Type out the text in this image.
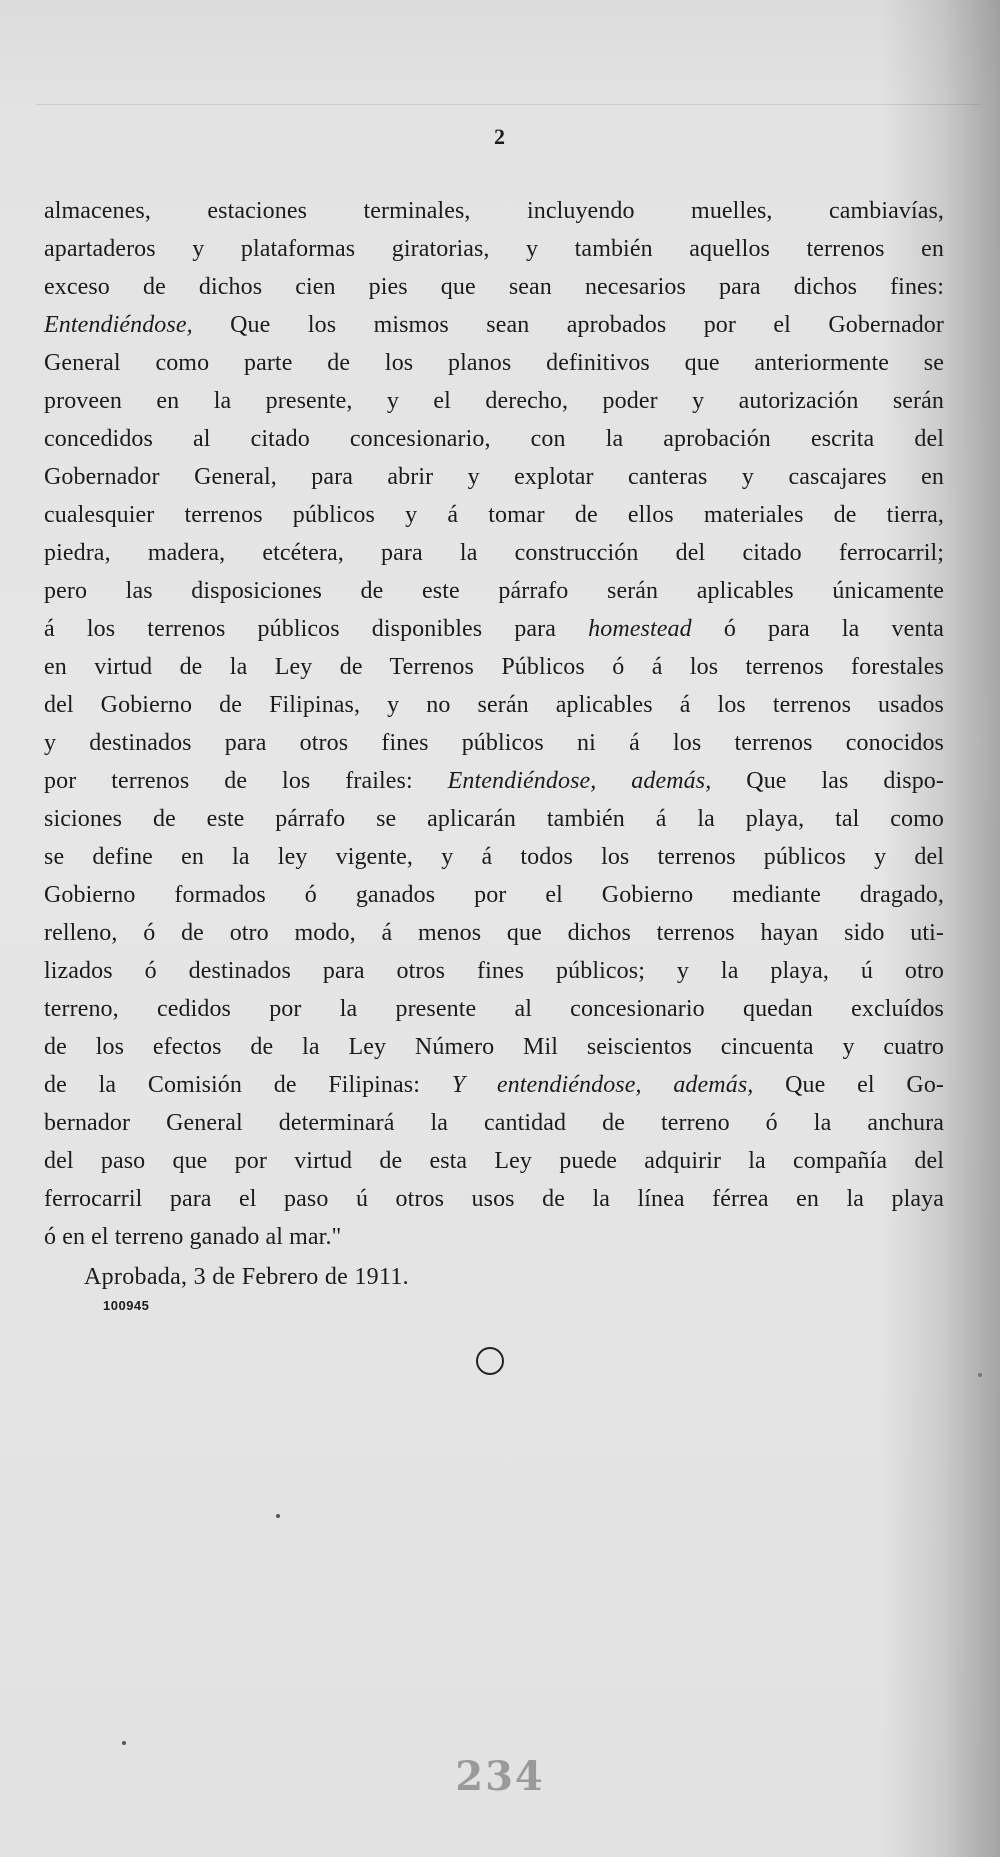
2
almacenes, estaciones terminales, incluyendo muelles, cambiavías,
apartaderos y plataformas giratorias, y también aquellos terrenos en
exceso de dichos cien pies que sean necesarios para dichos fines:
Entendiéndose, Que los mismos sean aprobados por el Gobernador
General como parte de los planos definitivos que anteriormente se
proveen en la presente, y el derecho, poder y autorización serán
concedidos al citado concesionario, con la aprobación escrita del
Gobernador General, para abrir y explotar canteras y cascajares en
cualesquier terrenos públicos y á tomar de ellos materiales de tierra,
piedra, madera, etcétera, para la construcción del citado ferrocarril;
pero las disposiciones de este párrafo serán aplicables únicamente
á los terrenos públicos disponibles para homestead ó para la venta
en virtud de la Ley de Terrenos Públicos ó á los terrenos forestales
del Gobierno de Filipinas, y no serán aplicables á los terrenos usados
y destinados para otros fines públicos ni á los terrenos conocidos
por terrenos de los frailes: Entendiéndose, además, Que las dispo-
siciones de este párrafo se aplicarán también á la playa, tal como
se define en la ley vigente, y á todos los terrenos públicos y del
Gobierno formados ó ganados por el Gobierno mediante dragado,
relleno, ó de otro modo, á menos que dichos terrenos hayan sido uti-
lizados ó destinados para otros fines públicos; y la playa, ú otro
terreno, cedidos por la presente al concesionario quedan excluídos
de los efectos de la Ley Número Mil seiscientos cincuenta y cuatro
de la Comisión de Filipinas: Y entendiéndose, además, Que el Go-
bernador General determinará la cantidad de terreno ó la anchura
del paso que por virtud de esta Ley puede adquirir la compañía del
ferrocarril para el paso ú otros usos de la línea férrea en la playa
ó en el terreno ganado al mar."
Aprobada, 3 de Febrero de 1911.
100945
234
